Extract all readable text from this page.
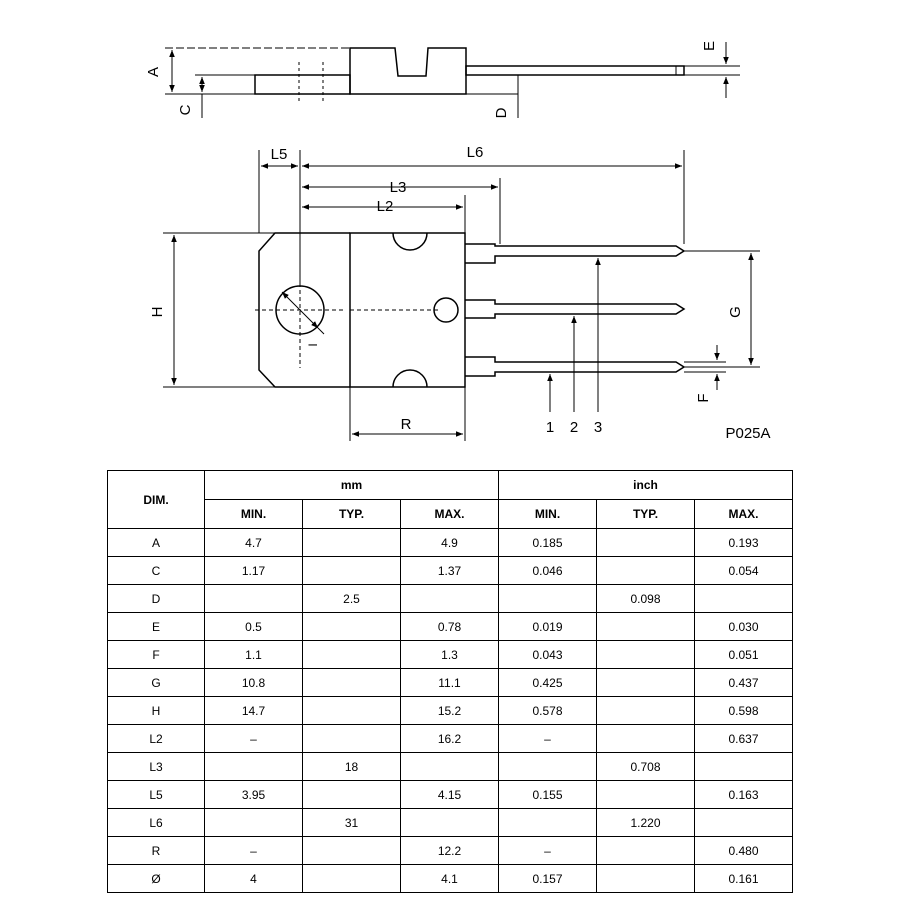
A
C	D
E
L5	L6
L3
L2
H
R
G
F
I
1 2 3	P025A
DIM.	mm			inch		
	MIN.	TYP.	MAX.	MIN.	TYP.	MAX.
A	4.7		4.9	0.185		0.193
C	1.17		1.37	0.046		0.054
D		2.5			0.098	
E	0.5		0.78	0.019		0.030
F	1.1		1.3	0.043		0.051
G	10.8		11.1	0.425		0.437
H	14.7		15.2	0.578		0.598
L2	–		16.2	–		0.637
L3		18			0.708	
L5	3.95		4.15	0.155		0.163
L6		31			1.220	
R	–		12.2	–		0.480
Ø	4		4.1	0.157		0.161
